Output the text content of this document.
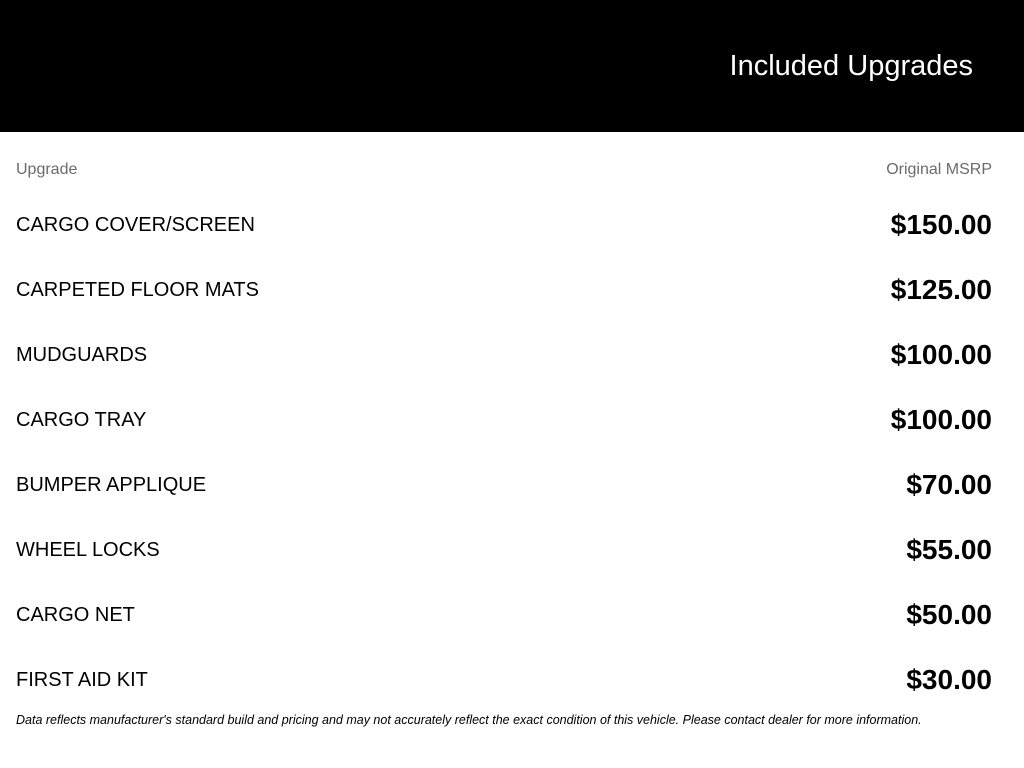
Included Upgrades
Upgrade	Original MSRP
CARGO COVER/SCREEN	$150.00
CARPETED FLOOR MATS	$125.00
MUDGUARDS	$100.00
CARGO TRAY	$100.00
BUMPER APPLIQUE	$70.00
WHEEL LOCKS	$55.00
CARGO NET	$50.00
FIRST AID KIT	$30.00
Data reflects manufacturer's standard build and pricing and may not accurately reflect the exact condition of this vehicle. Please contact dealer for more information.
